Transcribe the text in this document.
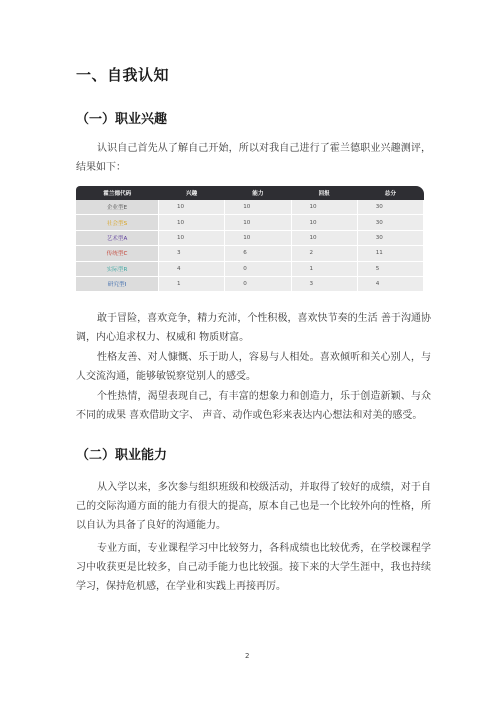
一、自我认知
（一）职业兴趣

认识自己首先从了解自己开始，所以对我自己进行了霍兰德职业兴趣测评，结果如下：

霍兰德代码	兴趣	能力	回报	总分
企业型E	10	10	10	30
社会型S	10	10	10	30
艺术型A	10	10	10	30
传统型C	3	6	2	11
实际型R	4	0	1	5
研究型I	1	0	3	4

敢于冒险，喜欢竞争，精力充沛，个性积极，喜欢快节奏的生活 善于沟通协调，内心追求权力、权威和 物质财富。

性格友善、对人慷慨、乐于助人，容易与人相处。喜欢倾听和关心别人，与人交流沟通，能够敏锐察觉别人的感受。

个性热情，渴望表现自己，有丰富的想象力和创造力，乐于创造新颖、与众不同的成果 喜欢借助文字、 声音、动作或色彩来表达内心想法和对美的感受。

（二）职业能力

从入学以来，多次参与组织班级和校级活动，并取得了较好的成绩，对于自己的交际沟通方面的能力有很大的提高，原本自己也是一个比较外向的性格，所以自认为具备了良好的沟通能力。

专业方面，专业课程学习中比较努力，各科成绩也比较优秀，在学校课程学习中收获更是比较多，自己动手能力也比较强。接下来的大学生涯中，我也持续学习，保持危机感，在学业和实践上再接再厉。

2
